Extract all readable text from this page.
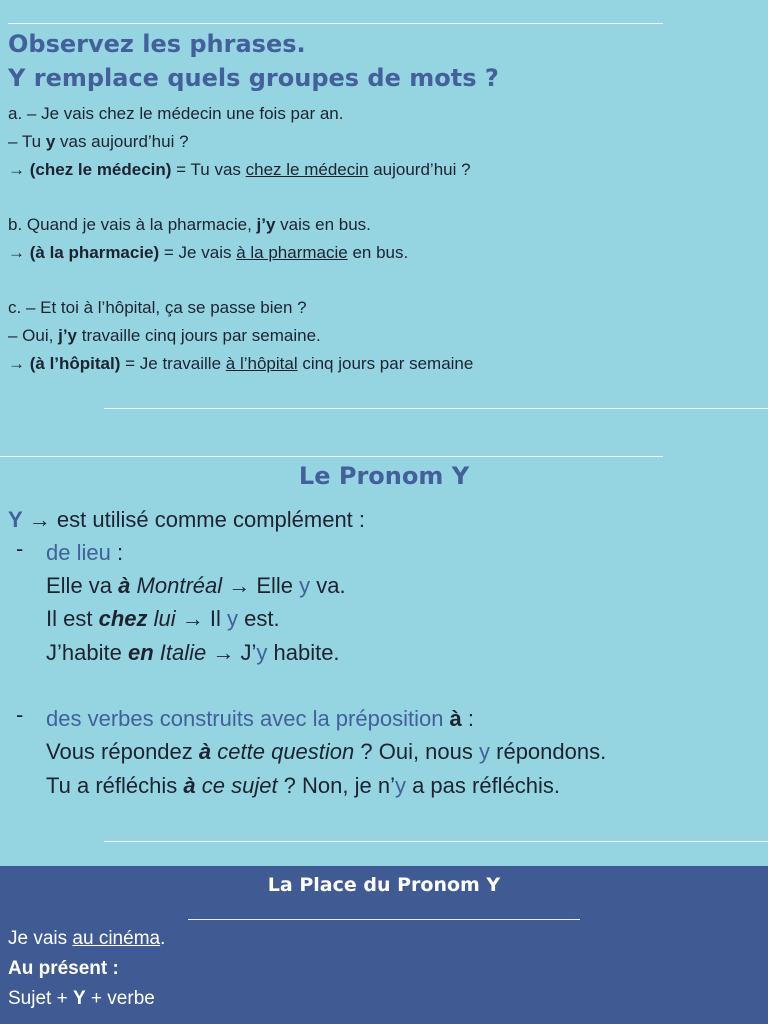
Observez les phrases.
Y remplace quels groupes de mots ?
a. – Je vais chez le médecin une fois par an.
– Tu y vas aujourd’hui ?
→ (chez le médecin) = Tu vas chez le médecin aujourd’hui ?
b. Quand je vais à la pharmacie, j’y vais en bus.
→ (à la pharmacie) = Je vais à la pharmacie en bus.
c. – Et toi à l’hôpital, ça se passe bien ?
– Oui, j’y travaille cinq jours par semaine.
→ (à l’hôpital) = Je travaille à l’hôpital cinq jours par semaine
Le Pronom Y
Y → est utilisé comme complément :
- de lieu :
Elle va à Montréal → Elle y va.
Il est chez lui → Il y est.
J’habite en Italie → J’y habite.
- des verbes construits avec la préposition à :
Vous répondez à cette question ? Oui, nous y répondons.
Tu a réfléchis à ce sujet ? Non, je n’y a pas réfléchis.
La Place du Pronom Y
Je vais au cinéma.
Au présent :
Sujet + Y + verbe
